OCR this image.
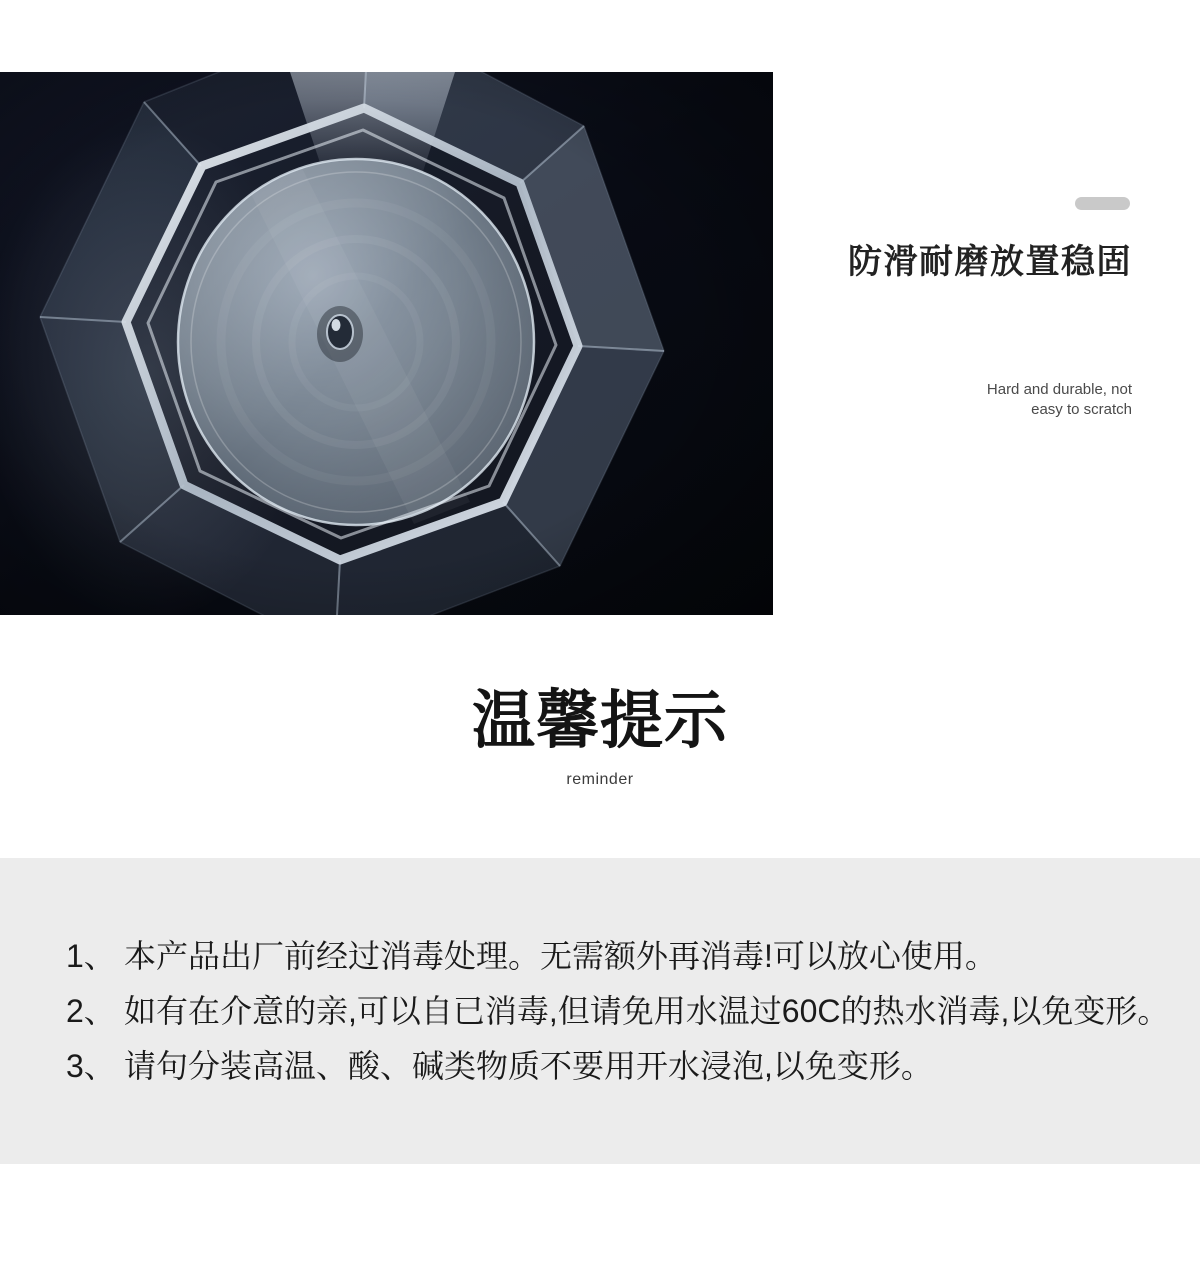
防滑耐磨放置稳固

Hard and durable, not
easy to scratch

温馨提示
reminder

1、 本产品出厂前经过消毒处理。无需额外再消毒!可以放心使用。

2、 如有在介意的亲,可以自已消毒,但请免用水温过60C的热水消毒,以免变形。

3、 请句分装高温、酸、碱类物质不要用开水浸泡,以免变形。
